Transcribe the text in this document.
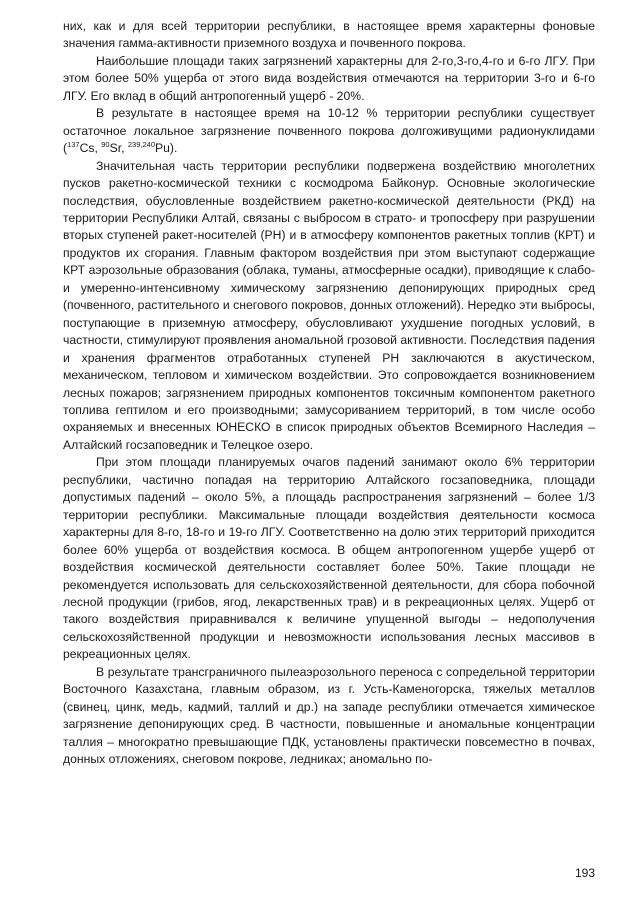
них, как и для всей территории республики, в настоящее время характерны фоновые значения гамма-активности приземного воздуха и почвенного покрова.

Наибольшие площади таких загрязнений характерны для 2-го,3-го,4-го и 6-го ЛГУ. При этом более 50% ущерба от этого вида воздействия отмечаются на территории 3-го и 6-го ЛГУ. Его вклад в общий антропогенный ущерб - 20%.

В результате в настоящее время на 10-12 % территории республики существует остаточное локальное загрязнение почвенного покрова долгоживущими радионуклидами ($^{137}$Cs, $^{90}$Sr, $^{239,240}$Pu).

Значительная часть территории республики подвержена воздействию многолетних пусков ракетно-космической техники с космодрома Байконур. Основные экологические последствия, обусловленные воздействием ракетно-космической деятельности (РКД) на территории Республики Алтай, связаны с выбросом в страто- и тропосферу при разрушении вторых ступеней ракет-носителей (РН) и в атмосферу компонентов ракетных топлив (КРТ) и продуктов их сгорания. Главным фактором воздействия при этом выступают содержащие КРТ аэрозольные образования (облака, туманы, атмосферные осадки), приводящие к слабо- и умеренно-интенсивному химическому загрязнению депонирующих природных сред (почвенного, растительного и снегового покровов, донных отложений). Нередко эти выбросы, поступающие в приземную атмосферу, обусловливают ухудшение погодных условий, в частности, стимулируют проявления аномальной грозовой активности. Последствия падения и хранения фрагментов отработанных ступеней РН заключаются в акустическом, механическом, тепловом и химическом воздействии. Это сопровождается возникновением лесных пожаров; загрязнением природных компонентов токсичным компонентом ракетного топлива гептилом и его производными; замусориванием территорий, в том числе особо охраняемых и внесенных ЮНЕСКО в список природных объектов Всемирного Наследия – Алтайский госзаповедник и Телецкое озеро.

При этом площади планируемых очагов падений занимают около 6% территории республики, частично попадая на территорию Алтайского госзаповедника, площади допустимых падений – около 5%, а площадь распространения загрязнений – более 1/3 территории республики. Максимальные площади воздействия деятельности космоса характерны для 8-го, 18-го и 19-го ЛГУ. Соответственно на долю этих территорий приходится более 60% ущерба от воздействия космоса. В общем антропогенном ущербе ущерб от воздействия космической деятельности составляет более 50%. Такие площади не рекомендуется использовать для сельскохозяйственной деятельности, для сбора побочной лесной продукции (грибов, ягод, лекарственных трав) и в рекреационных целях. Ущерб от такого воздействия приравнивался к величине упущенной выгоды – недополучения сельскохозяйственной продукции и невозможности использования лесных массивов в рекреационных целях.

В результате трансграничного пылеаэрозольного переноса с сопредельной территории Восточного Казахстана, главным образом, из г. Усть-Каменогорска, тяжелых металлов (свинец, цинк, медь, кадмий, таллий и др.) на западе республики отмечается химическое загрязнение депонирующих сред. В частности, повышенные и аномальные концентрации таллия – многократно превышающие ПДК, установлены практически повсеместно в почвах, донных отложениях, снеговом покрове, ледниках; аномально по-

193
